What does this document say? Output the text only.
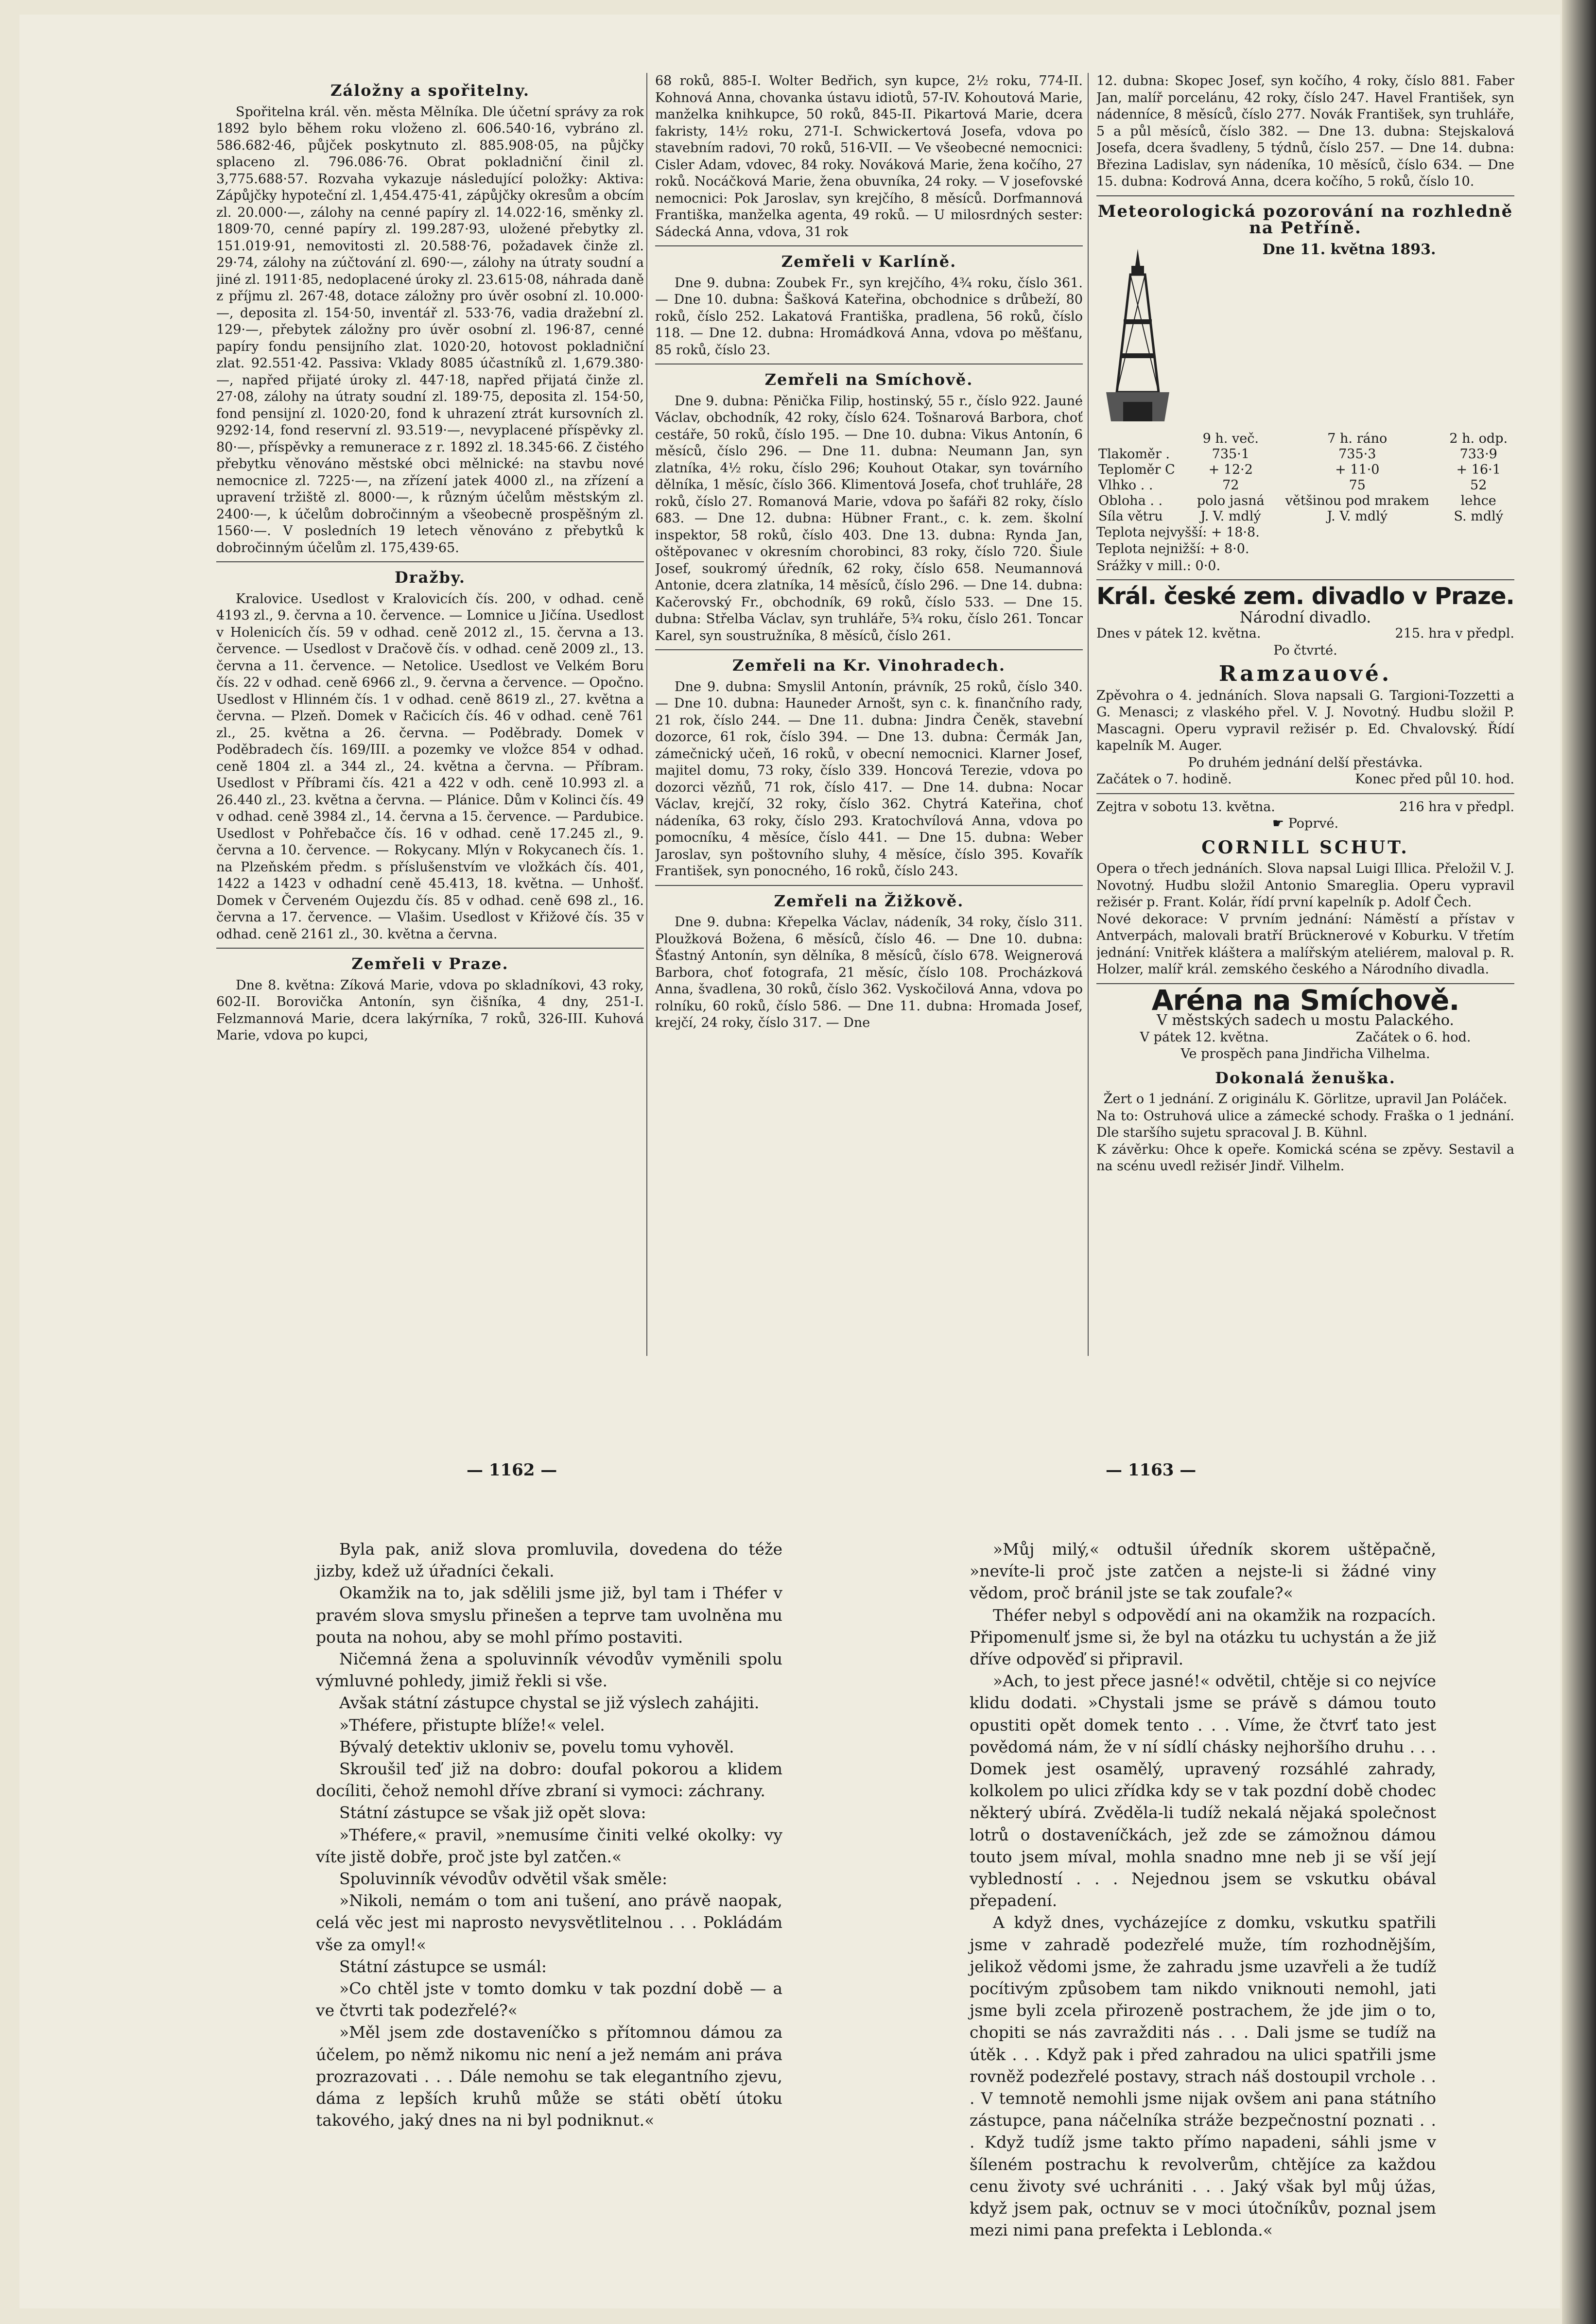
Záložny a spořitelny.

Spořitelna král. věn. města Mělníka. Dle účetní správy za rok 1892 bylo během roku vloženo zl. 606.540·16, vybráno zl. 586.682·46, půjček poskytnuto zl. 885.908·05, na půjčky splaceno zl. 796.086·76. Obrat pokladniční činil zl. 3,775.688·57. Rozvaha vykazuje následující položky: Aktiva: Zápůjčky hypoteční zl. 1,454.475·41, zápůjčky okresům a obcím zl. 20.000·—, zálohy na cenné papíry zl. 14.022·16, směnky zl. 1809·70, cenné papíry zl. 199.287·93, uložené přebytky zl. 151.019·91, nemovitosti zl. 20.588·76, požadavek činže zl. 29·74, zálohy na zúčtování zl. 690·—, zálohy na útraty soudní a jiné zl. 1911·85, nedoplacené úroky zl. 23.615·08, náhrada daně z příjmu zl. 267·48, dotace záložny pro úvěr osobní zl. 10.000·—, deposita zl. 154·50, inventář zl. 533·76, vadia dražební zl. 129·—, přebytek záložny pro úvěr osobní zl. 196·87, cenné papíry fondu pensijního zlat. 1020·20, hotovost pokladniční zlat. 92.551·42. Passiva: Vklady 8085 účastníků zl. 1,679.380·—, napřed přijaté úroky zl. 447·18, napřed přijatá činže zl. 27·08, zálohy na útraty soudní zl. 189·75, deposita zl. 154·50, fond pensijní zl. 1020·20, fond k uhrazení ztrát kursovních zl. 9292·14, fond reservní zl. 93.519·—, nevyplacené příspěvky zl. 80·—, příspěvky a remunerace z r. 1892 zl. 18.345·66. Z čistého přebytku věnováno městské obci mělnické: na stavbu nové nemocnice zl. 7225·—, na zřízení jatek 4000 zl., na zřízení a upravení tržiště zl. 8000·—, k různým účelům městským zl. 2400·—, k účelům dobročinným a všeobecně prospěšným zl. 1560·—. V posledních 19 letech věnováno z přebytků k dobročinným účelům zl. 175,439·65.

Dražby.

Kralovice. Usedlost v Kralovicích čís. 200, v odhad. ceně 4193 zl., 9. června a 10. července. — Lomnice u Jičína. Usedlost v Holenicích čís. 59 v odhad. ceně 2012 zl., 15. června a 13. července. — Usedlost v Dračově čís. v odhad. ceně 2009 zl., 13. června a 11. července. — Netolice. Usedlost ve Velkém Boru čís. 22 v odhad. ceně 6966 zl., 9. června a července. — Opočno. Usedlost v Hlinném čís. 1 v odhad. ceně 8619 zl., 27. května a června. — Plzeň. Domek v Račicích čís. 46 v odhad. ceně 761 zl., 25. května a 26. června. — Poděbrady. Domek v Poděbradech čís. 169/III. a pozemky ve vložce 854 v odhad. ceně 1804 zl. a 344 zl., 24. května a června. — Příbram. Usedlost v Příbrami čís. 421 a 422 v odh. ceně 10.993 zl. a 26.440 zl., 23. května a června. — Plánice. Dům v Kolinci čís. 49 v odhad. ceně 3984 zl., 14. června a 15. července. — Pardubice. Usedlost v Pohřebačce čís. 16 v odhad. ceně 17.245 zl., 9. června a 10. července. — Rokycany. Mlýn v Rokycanech čís. 1. na Plzeňském předm. s příslušenstvím ve vložkách čís. 401, 1422 a 1423 v odhadní ceně 45.413, 18. května. — Unhošť. Domek v Červeném Oujezdu čís. 85 v odhad. ceně 698 zl., 16. června a 17. července. — Vlašim. Usedlost v Křižové čís. 35 v odhad. ceně 2161 zl., 30. května a června.

Zemřeli v Praze.

Dne 8. května: Zíková Marie, vdova po skladníkovi, 43 roky, 602-II. Borovička Antonín, syn čišníka, 4 dny, 251-I. Felzmannová Marie, dcera lakýrníka, 7 roků, 326-III. Kuhová Marie, vdova po kupci,

68 roků, 885-I. Wolter Bedřich, syn kupce, 2½ roku, 774-II. Kohnová Anna, chovanka ústavu idiotů, 57-IV. Kohoutová Marie, manželka knihkupce, 50 roků, 845-II. Pikartová Marie, dcera fakristy, 14½ roku, 271-I. Schwickertová Josefa, vdova po stavebním radovi, 70 roků, 516-VII. — Ve všeobecné nemocnici: Cisler Adam, vdovec, 84 roky. Nováková Marie, žena kočího, 27 roků. Nocáčková Marie, žena obuvníka, 24 roky. — V josefovské nemocnici: Pok Jaroslav, syn krejčího, 8 měsíců. Dorfmannová Františka, manželka agenta, 49 roků. — U milosrdných sester: Sádecká Anna, vdova, 31 rok

Zemřeli v Karlíně.

Dne 9. dubna: Zoubek Fr., syn krejčího, 4¾ roku, číslo 361. — Dne 10. dubna: Šašková Kateřina, obchodnice s drůbeží, 80 roků, číslo 252. Lakatová Františka, pradlena, 56 roků, číslo 118. — Dne 12. dubna: Hromádková Anna, vdova po měšťanu, 85 roků, číslo 23.

Zemřeli na Smíchově.

Dne 9. dubna: Pěnička Filip, hostinský, 55 r., číslo 922. Jauné Václav, obchodník, 42 roky, číslo 624. Tošnarová Barbora, choť cestáře, 50 roků, číslo 195. — Dne 10. dubna: Vikus Antonín, 6 měsíců, číslo 296. — Dne 11. dubna: Neumann Jan, syn zlatníka, 4½ roku, číslo 296; Kouhout Otakar, syn továrního dělníka, 1 měsíc, číslo 366. Klimentová Josefa, choť truhláře, 28 roků, číslo 27. Romanová Marie, vdova po šafáři 82 roky, číslo 683. — Dne 12. dubna: Hübner Frant., c. k. zem. školní inspektor, 58 roků, číslo 403. Dne 13. dubna: Rynda Jan, oštěpovanec v okresním chorobinci, 83 roky, číslo 720. Šiule Josef, soukromý úředník, 62 roky, číslo 658. Neumannová Antonie, dcera zlatníka, 14 měsíců, číslo 296. — Dne 14. dubna: Kačerovský Fr., obchodník, 69 roků, číslo 533. — Dne 15. dubna: Střelba Václav, syn truhláře, 5¾ roku, číslo 261. Toncar Karel, syn soustružníka, 8 měsíců, číslo 261.

Zemřeli na Kr. Vinohradech.

Dne 9. dubna: Smyslil Antonín, právník, 25 roků, číslo 340. — Dne 10. dubna: Hauneder Arnošt, syn c. k. finančního rady, 21 rok, číslo 244. — Dne 11. dubna: Jindra Čeněk, stavební dozorce, 61 rok, číslo 394. — Dne 13. dubna: Čermák Jan, zámečnický učeň, 16 roků, v obecní nemocnici. Klarner Josef, majitel domu, 73 roky, číslo 339. Honcová Terezie, vdova po dozorci vězňů, 71 rok, číslo 417. — Dne 14. dubna: Nocar Václav, krejčí, 32 roky, číslo 362. Chytrá Kateřina, choť nádeníka, 63 roky, číslo 293. Kratochvílová Anna, vdova po pomocníku, 4 měsíce, číslo 441. — Dne 15. dubna: Weber Jaroslav, syn poštovního sluhy, 4 měsíce, číslo 395. Kovařík František, syn ponocného, 16 roků, číslo 243.

Zemřeli na Žižkově.

Dne 9. dubna: Křepelka Václav, nádeník, 34 roky, číslo 311. Ploužková Božena, 6 měsíců, číslo 46. — Dne 10. dubna: Šťastný Antonín, syn dělníka, 8 měsíců, číslo 678. Weignerová Barbora, choť fotografa, 21 měsíc, číslo 108. Procházková Anna, švadlena, 30 roků, číslo 362. Vyskočilová Anna, vdova po rolníku, 60 roků, číslo 586. — Dne 11. dubna: Hromada Josef, krejčí, 24 roky, číslo 317. — Dne

12. dubna: Skopec Josef, syn kočího, 4 roky, číslo 881. Faber Jan, malíř porcelánu, 42 roky, číslo 247. Havel František, syn nádenníce, 8 měsíců, číslo 277. Novák František, syn truhláře, 5 a půl měsíců, číslo 382. — Dne 13. dubna: Stejskalová Josefa, dcera švadleny, 5 týdnů, číslo 257. — Dne 14. dubna: Březina Ladislav, syn nádeníka, 10 měsíců, číslo 634. — Dne 15. dubna: Kodrová Anna, dcera kočího, 5 roků, číslo 10.

Meteorologická pozorování na rozhledně na Petříně.
Dne 11. května 1893.
	9 h. več.	7 h. ráno	2 h. odp.
Tlakoměr .	735·1	735·3	733·9
Teploměr C	+ 12·2	+ 11·0	+ 16·1
Vlhko . .	72	75	52
Oblohа . .	polo jasná	většinou pod mrakem	lehce
Síla větru	J. V. mdlý	J. V. mdlý	S. mdlý
Teplota nejvyšší: + 18·8.
Teplota nejnižší: + 8·0.
Srážky v mill.: 0·0.
Král. české zem. divadlo v Praze.
Národní divadlo.
Dnes v pátek 12. května.	215. hra v předpl.
Po čtvrté.
Ramzauové.

Zpěvohra o 4. jednáních. Slova napsali G. Targioni-Tozzetti a G. Menasci; z vlaského přel. V. J. Novotný. Hudbu složil P. Mascagni. Operu vypravil režisér p. Ed. Chvalovský. Řídí kapelník M. Auger.

Po druhém jednání delší přestávka.
Začátek o 7. hodině.	Konec před půl 10. hod.
Zejtra v sobotu 13. května.	216 hra v předpl.
☛ Poprvé.
CORNILL SCHUT.

Opera o třech jednáních. Slova napsal Luigi Illica. Přeložil V. J. Novotný. Hudbu složil Antonio Smareglia. Operu vypravil režisér p. Frant. Kolár, řídí první kapelník p. Adolf Čech.

Nové dekorace: V prvním jednání: Náměstí a přístav v Antverpách, malovali bratří Brücknerové v Koburku. V třetím jednání: Vnitřek kláštera a malířským ateliérem, maloval p. R. Holzer, malíř král. zemského českého a Národního divadla.

Aréna na Smíchově.
V městských sadech u mostu Palackého.
V pátek 12. května.	Začátek o 6. hod.
Ve prospěch pana Jindřicha Vilhelma.
Dokonalá ženuška.

Žert o 1 jednání. Z originálu K. Görlitze, upravil Jan Poláček.

Na to: Ostruhová ulice a zámecké schody. Fraška o 1 jednání. Dle staršího sujetu spracoval J. B. Kühnl.

K závěrku: Ohce k opeře. Komická scéna se zpěvy. Sestavil a na scénu uvedl režisér Jindř. Vilhelm.

— 1162 —	— 1163 —

Byla pak, aniž slova promluvila, dovedena do téže jizby, kdež už úřadníci čekali.

Okamžik na to, jak sdělili jsme již, byl tam i Théfer v pravém slova smyslu přinešen a teprve tam uvolněna mu pouta na nohou, aby se mohl přímo postaviti.

Ničemná žena a spoluvinník vévodův vyměnili spolu výmluvné pohledy, jimiž řekli si vše.

Avšak státní zástupce chystal se již výslech zahájiti.

»Théfere, přistupte blíže!« velel.

Bývalý detektiv ukloniv se, povelu tomu vyhověl.

Skroušil teď již na dobro: doufal pokorou a klidem docíliti, čehož nemohl dříve zbraní si vymoci: záchrany.

Státní zástupce se však již opět slova:

»Théfere,« pravil, »nemusíme činiti velké okolky: vy víte jistě dobře, proč jste byl zatčen.«

Spoluvinník vévodův odvětil však směle:

»Nikoli, nemám o tom ani tušení, ano právě naopak, celá věc jest mi naprosto nevysvětlitelnou . . . Pokládám vše za omyl!«

Státní zástupce se usmál:

»Co chtěl jste v tomto domku v tak pozdní době — a ve čtvrti tak podezřelé?«

»Měl jsem zde dostaveníčko s přítomnou dámou za účelem, po němž nikomu nic není a jež nemám ani práva prozrazovati . . . Dále nemohu se tak elegantního zjevu, dáma z lepších kruhů může se státi obětí útoku takového, jaký dnes na ni byl podniknut.«

»Můj milý,« odtušil úředník skorem uštěpačně, »nevíte-li proč jste zatčen a nejste-li si žádné viny vědom, proč bránil jste se tak zoufale?«

Théfer nebyl s odpovědí ani na okamžik na rozpacích. Připomenulť jsme si, že byl na otázku tu uchystán a že již dříve odpověď si připravil.

»Ach, to jest přece jasné!« odvětil, chtěje si co nejvíce klidu dodati. »Chystali jsme se právě s dámou touto opustiti opět domek tento . . . Víme, že čtvrť tato jest povědomá nám, že v ní sídlí chásky nejhoršího druhu . . . Domek jest osamělý, upravený rozsáhlé zahrady, kolkolem po ulici zřídka kdy se v tak pozdní době chodec některý ubírá. Zvěděla-li tudíž nekalá nějaká společnost lotrů o dostaveníčkách, jež zde se zámožnou dámou touto jsem míval, mohla snadno mne neb ji se vší její vybledností . . . Nejednou jsem se vskutku obával přepadení.

A když dnes, vycházejíce z domku, vskutku spatřili jsme v zahradě podezřelé muže, tím rozhodnějším, jelikož vědomi jsme, že zahradu jsme uzavřeli a že tudíž pocítivým způsobem tam nikdo vniknouti nemohl, jati jsme byli zcela přirozeně postrachem, že jde jim o to, chopiti se nás zavražditi nás . . . Dali jsme se tudíž na útěk . . . Když pak i před zahradou na ulici spatřili jsme rovněž podezřelé postavy, strach náš dostoupil vrchole . . . V temnotě nemohli jsme nijak ovšem ani pana státního zástupce, pana náčelníka stráže bezpečnostní poznati . . . Když tudíž jsme takto přímo napadeni, sáhli jsme v šíleném postrachu k revolverům, chtějíce za každou cenu životy své uchrániti . . . Jaký však byl můj úžas, když jsem pak, octnuv se v moci útočníkův, poznal jsem mezi nimi pana prefekta i Leblonda.«
